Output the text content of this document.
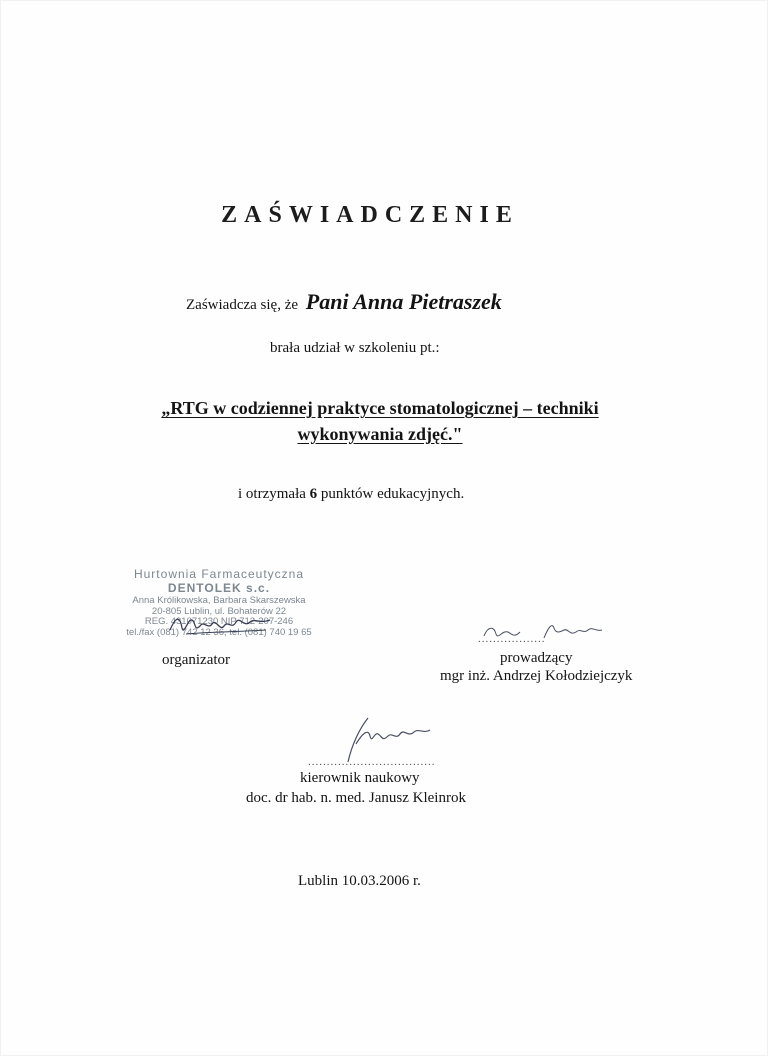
ZAŚWIADCZENIE
Zaświadcza się, że Pani Anna Pietraszek
brała udział w szkoleniu pt.:
„RTG w codziennej praktyce stomatologicznej – techniki
wykonywania zdjęć."
i otrzymała 6 punktów edukacyjnych.
Hurtownia Farmaceutyczna
DENTOLEK s.c.
Anna Królikowska, Barbara Skarszewska
20-805 Lublin, ul. Bohaterów 22
REG. 431071230 NIP 712-207-246
tel./fax (081) 742 12 36, tel. (081) 740 19 65
organizator
..................
prowadzący
mgr inż. Andrzej Kołodziejczyk
..................................
kierownik naukowy
doc. dr hab. n. med. Janusz Kleinrok
Lublin 10.03.2006 r.
